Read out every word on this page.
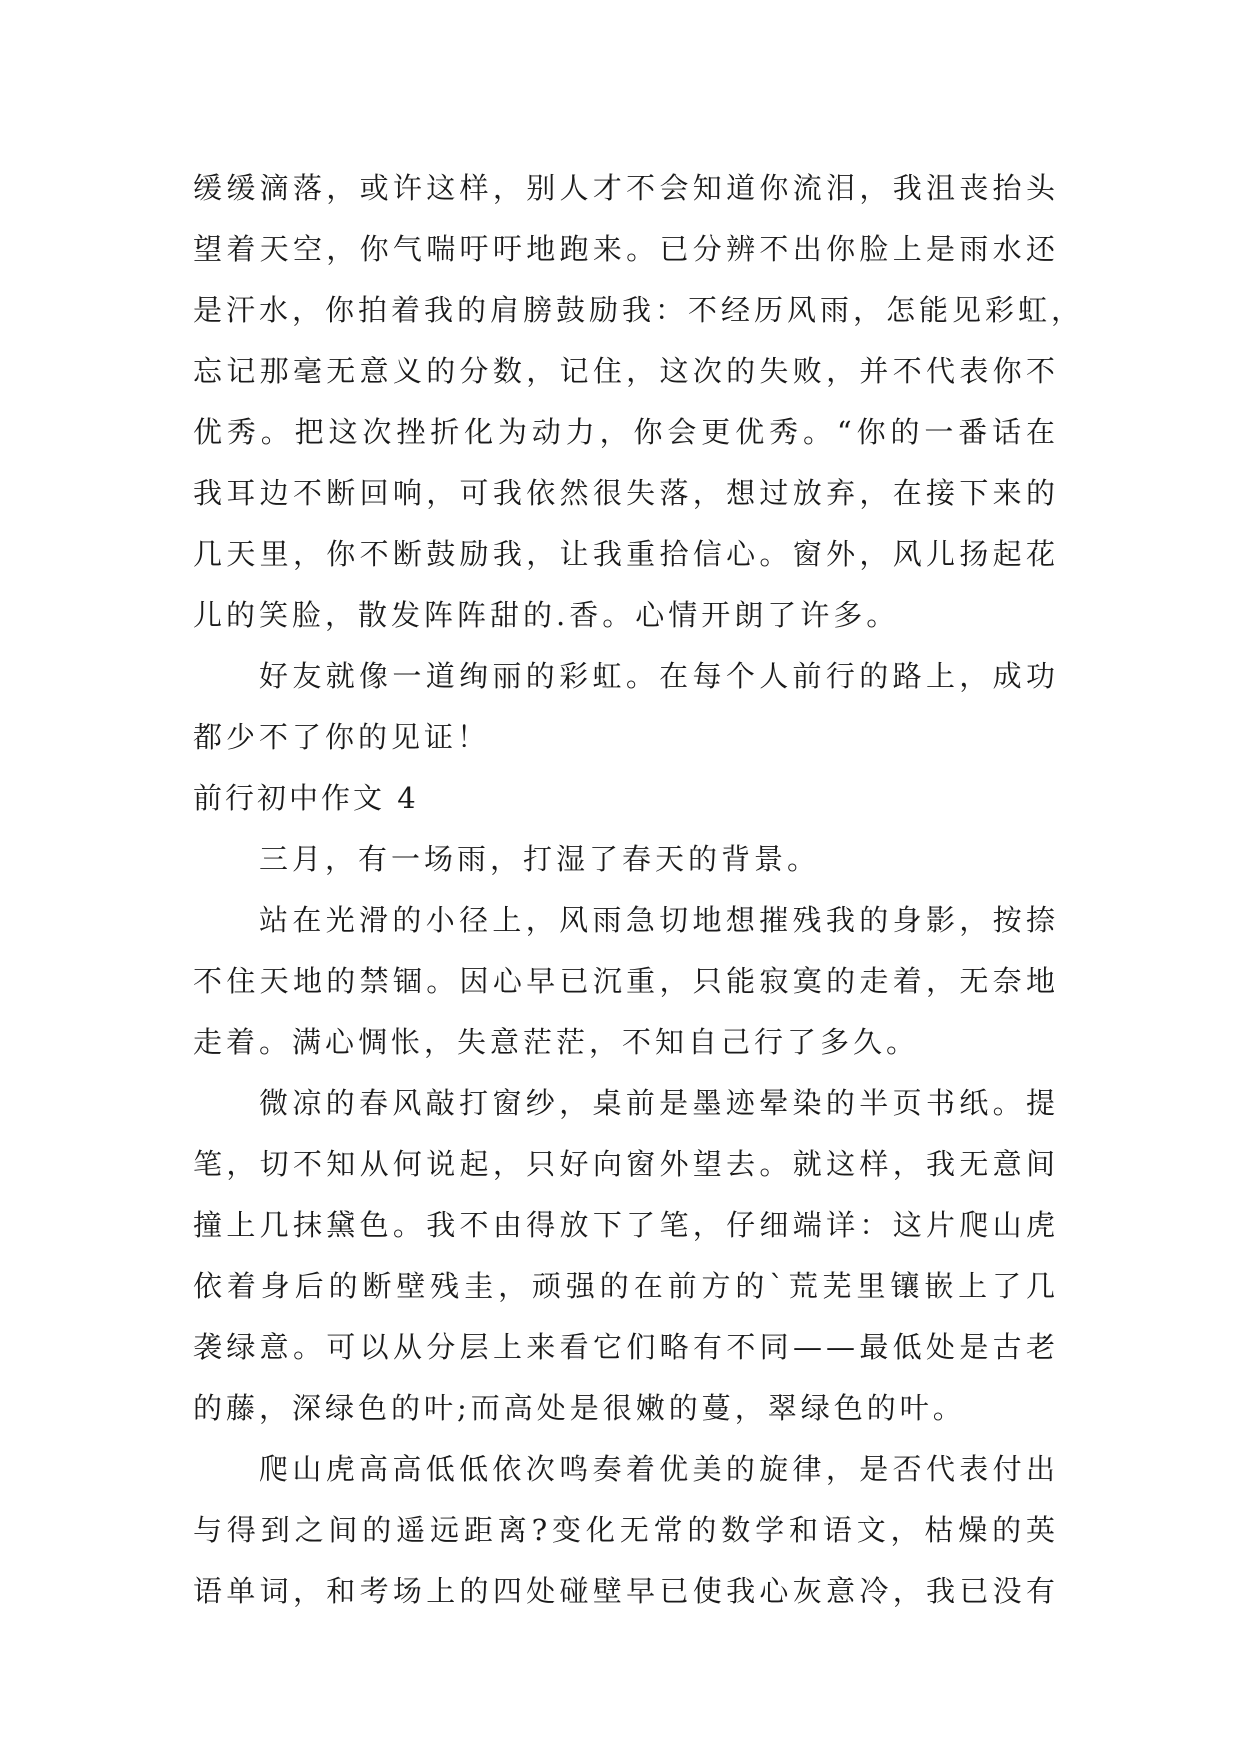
缓缓滴落，或许这样，别人才不会知道你流泪，我沮丧抬头
望着天空，你气喘吁吁地跑来。已分辨不出你脸上是雨水还
是汗水，你拍着我的肩膀鼓励我：不经历风雨，怎能见彩虹，
忘记那毫无意义的分数，记住，这次的失败，并不代表你不
优秀。把这次挫折化为动力，你会更优秀。“你的一番话在
我耳边不断回响，可我依然很失落，想过放弃，在接下来的
几天里，你不断鼓励我，让我重拾信心。窗外，风儿扬起花
儿的笑脸，散发阵阵甜的.香。心情开朗了许多。
好友就像一道绚丽的彩虹。在每个人前行的路上，成功
都少不了你的见证！
前行初中作文 4
三月，有一场雨，打湿了春天的背景。
站在光滑的小径上，风雨急切地想摧残我的身影，按捺
不住天地的禁锢。因心早已沉重，只能寂寞的走着，无奈地
走着。满心惆怅，失意茫茫，不知自己行了多久。
微凉的春风敲打窗纱，桌前是墨迹晕染的半页书纸。提
笔，切不知从何说起，只好向窗外望去。就这样，我无意间
撞上几抹黛色。我不由得放下了笔，仔细端详：这片爬山虎
依着身后的断壁残圭，顽强的在前方的`荒芜里镶嵌上了几
袭绿意。可以从分层上来看它们略有不同——最低处是古老
的藤，深绿色的叶;而高处是很嫩的蔓，翠绿色的叶。
爬山虎高高低低依次鸣奏着优美的旋律，是否代表付出
与得到之间的遥远距离?变化无常的数学和语文，枯燥的英
语单词，和考场上的四处碰壁早已使我心灰意冷，我已没有
